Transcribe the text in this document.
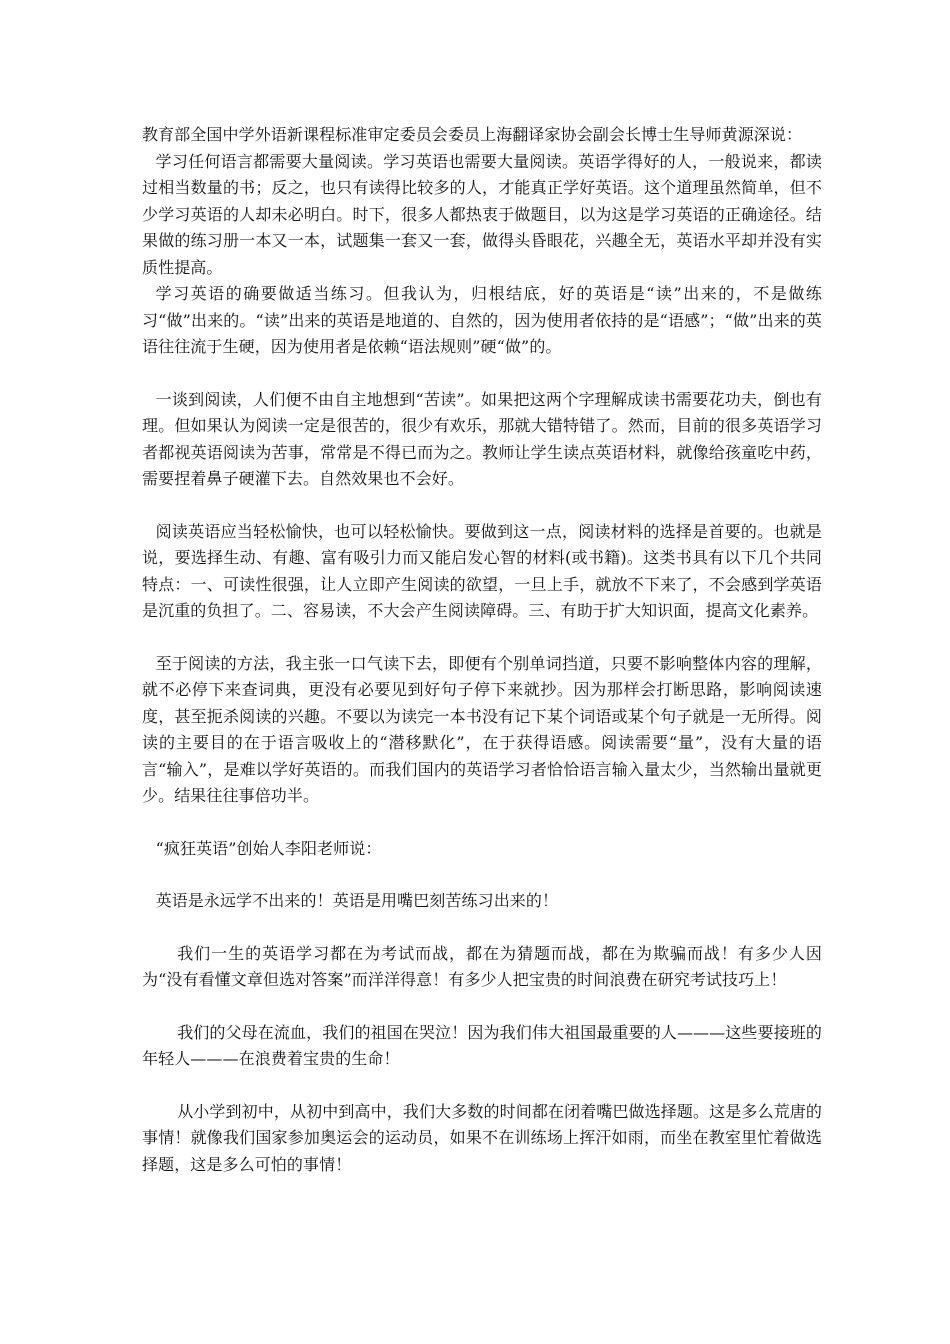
教育部全国中学外语新课程标准审定委员会委员上海翻译家协会副会长博士生导师黄源深说：

学习任何语言都需要大量阅读。学习英语也需要大量阅读。英语学得好的人，一般说来，都读过相当数量的书；反之，也只有读得比较多的人，才能真正学好英语。这个道理虽然简单，但不少学习英语的人却未必明白。时下，很多人都热衷于做题目，以为这是学习英语的正确途径。结果做的练习册一本又一本，试题集一套又一套，做得头昏眼花，兴趣全无，英语水平却并没有实质性提高。

学习英语的确要做适当练习。但我认为，归根结底，好的英语是“读”出来的，不是做练习“做”出来的。“读”出来的英语是地道的、自然的，因为使用者依持的是“语感”；“做”出来的英语往往流于生硬，因为使用者是依赖“语法规则”硬“做”的。

一谈到阅读，人们便不由自主地想到“苦读”。如果把这两个字理解成读书需要花功夫，倒也有理。但如果认为阅读一定是很苦的，很少有欢乐，那就大错特错了。然而，目前的很多英语学习者都视英语阅读为苦事，常常是不得已而为之。教师让学生读点英语材料，就像给孩童吃中药，需要捏着鼻子硬灌下去。自然效果也不会好。

阅读英语应当轻松愉快，也可以轻松愉快。要做到这一点，阅读材料的选择是首要的。也就是说，要选择生动、有趣、富有吸引力而又能启发心智的材料(或书籍)。这类书具有以下几个共同特点：一、可读性很强，让人立即产生阅读的欲望，一旦上手，就放不下来了，不会感到学英语是沉重的负担了。二、容易读，不大会产生阅读障碍。三、有助于扩大知识面，提高文化素养。

至于阅读的方法，我主张一口气读下去，即便有个别单词挡道，只要不影响整体内容的理解，就不必停下来查词典，更没有必要见到好句子停下来就抄。因为那样会打断思路，影响阅读速度，甚至扼杀阅读的兴趣。不要以为读完一本书没有记下某个词语或某个句子就是一无所得。阅读的主要目的在于语言吸收上的“潜移默化”，在于获得语感。阅读需要“量”，没有大量的语言“输入”，是难以学好英语的。而我们国内的英语学习者恰恰语言输入量太少，当然输出量就更少。结果往往事倍功半。

“疯狂英语”创始人李阳老师说：

英语是永远学不出来的！英语是用嘴巴刻苦练习出来的！

我们一生的英语学习都在为考试而战，都在为猜题而战，都在为欺骗而战！有多少人因为“没有看懂文章但选对答案”而洋洋得意！有多少人把宝贵的时间浪费在研究考试技巧上！

我们的父母在流血，我们的祖国在哭泣！因为我们伟大祖国最重要的人———这些要接班的年轻人———在浪费着宝贵的生命！

从小学到初中，从初中到高中，我们大多数的时间都在闭着嘴巴做选择题。这是多么荒唐的事情！就像我们国家参加奥运会的运动员，如果不在训练场上挥汗如雨，而坐在教室里忙着做选择题，这是多么可怕的事情！
